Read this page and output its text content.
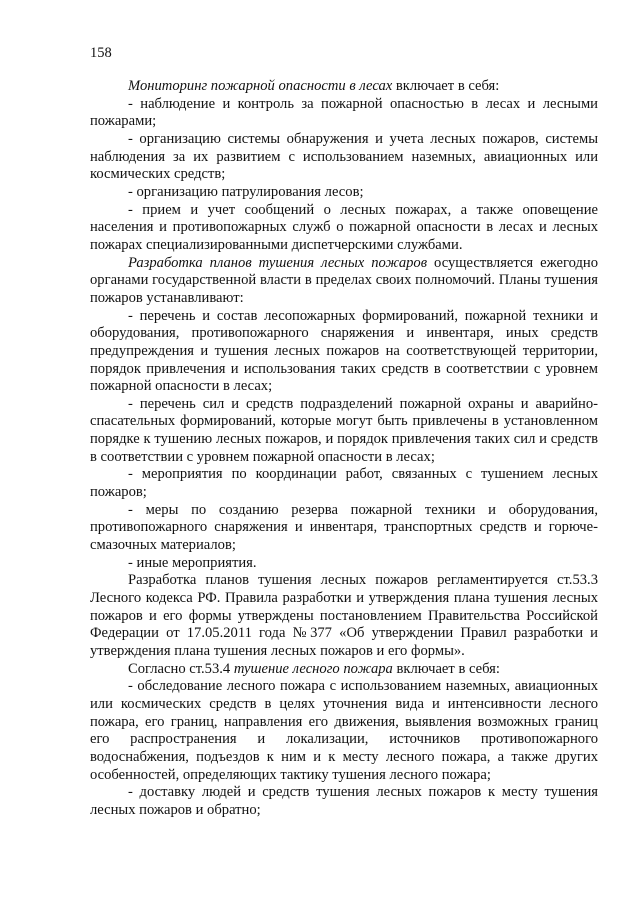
158

Мониторинг пожарной опасности в лесах включает в себя:

- наблюдение и контроль за пожарной опасностью в лесах и лесными пожарами;

- организацию системы обнаружения и учета лесных пожаров, системы наблюдения за их развитием с использованием наземных, авиационных или космических средств;

- организацию патрулирования лесов;

- прием и учет сообщений о лесных пожарах, а также оповещение населения и противопожарных служб о пожарной опасности в лесах и лесных пожарах специализированными диспетчерскими службами.

Разработка планов тушения лесных пожаров осуществляется ежегодно органами государственной власти в пределах своих полномочий. Планы тушения пожаров устанавливают:

- перечень и состав лесопожарных формирований, пожарной техники и оборудования, противопожарного снаряжения и инвентаря, иных средств предупреждения и тушения лесных пожаров на соответствующей территории, порядок привлечения и использования таких средств в соответствии с уровнем пожарной опасности в лесах;

- перечень сил и средств подразделений пожарной охраны и аварийно-спасательных формирований, которые могут быть привлечены в установленном порядке к тушению лесных пожаров, и порядок привлечения таких сил и средств в соответствии с уровнем пожарной опасности в лесах;

- мероприятия по координации работ, связанных с тушением лесных пожаров;

- меры по созданию резерва пожарной техники и оборудования, противопожарного снаряжения и инвентаря, транспортных средств и горюче-смазочных материалов;

- иные мероприятия.

Разработка планов тушения лесных пожаров регламентируется ст.53.3 Лесного кодекса РФ. Правила разработки и утверждения плана тушения лесных пожаров и его формы утверждены постановлением Правительства Российской Федерации от 17.05.2011 года №377 «Об утверждении Правил разработки и утверждения плана тушения лесных пожаров и его формы».

Согласно ст.53.4 тушение лесного пожара включает в себя:

- обследование лесного пожара с использованием наземных, авиационных или космических средств в целях уточнения вида и интенсивности лесного пожара, его границ, направления его движения, выявления возможных границ его распространения и локализации, источников противопожарного водоснабжения, подъездов к ним и к месту лесного пожара, а также других особенностей, определяющих тактику тушения лесного пожара;

- доставку людей и средств тушения лесных пожаров к месту тушения лесных пожаров и обратно;
